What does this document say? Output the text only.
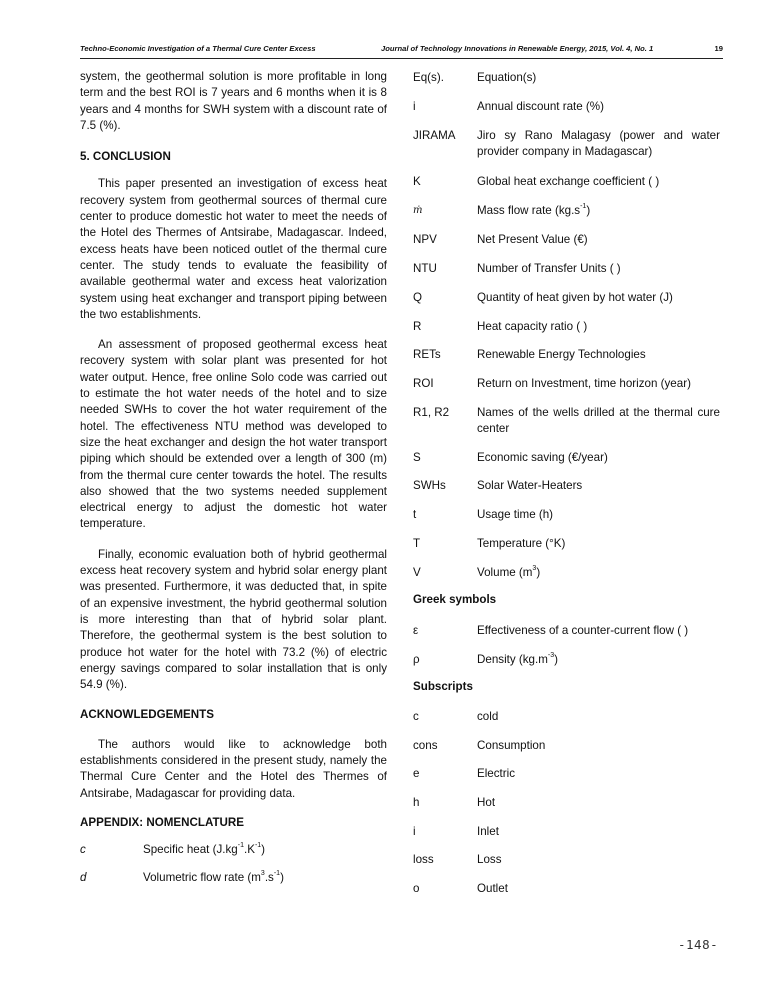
Techno-Economic Investigation of a Thermal Cure Center Excess	Journal of Technology Innovations in Renewable Energy, 2015, Vol. 4, No. 1	19

system, the geothermal solution is more profitable in long term and the best ROI is 7 years and 6 months when it is 8 years and 4 months for SWH system with a discount rate of 7.5 (%).

5. CONCLUSION

This paper presented an investigation of excess heat recovery system from geothermal sources of thermal cure center to produce domestic hot water to meet the needs of the Hotel des Thermes of Antsirabe, Madagascar. Indeed, excess heats have been noticed outlet of the thermal cure center. The study tends to evaluate the feasibility of available geothermal water and excess heat valorization system using heat exchanger and transport piping between the two establishments.

An assessment of proposed geothermal excess heat recovery system with solar plant was presented for hot water output. Hence, free online Solo code was carried out to estimate the hot water needs of the hotel and to size needed SWHs to cover the hot water requirement of the hotel. The effectiveness NTU method was developed to size the heat exchanger and design the hot water transport piping which should be extended over a length of 300 (m) from the thermal cure center towards the hotel. The results also showed that the two systems needed supplement electrical energy to adjust the domestic hot water temperature.

Finally, economic evaluation both of hybrid geothermal excess heat recovery system and hybrid solar energy plant was presented. Furthermore, it was deducted that, in spite of an expensive investment, the hybrid geothermal solution is more interesting than that of hybrid solar plant. Therefore, the geothermal system is the best solution to produce hot water for the hotel with 73.2 (%) of electric energy savings compared to solar installation that is only 54.9 (%).

ACKNOWLEDGEMENTS

The authors would like to acknowledge both establishments considered in the present study, namely the Thermal Cure Center and the Hotel des Thermes of Antsirabe, Madagascar for providing data.

APPENDIX: NOMENCLATURE
c	Specific heat $(J.kg^{-1}.K^{-1})$
d	Volumetric flow rate $(m^3.s^{-1})$
Eq(s).	Equation(s)
i	Annual discount rate (%)
JIRAMA	Jiro sy Rano Malagasy (power and water provider company in Madagascar)
K	Global heat exchange coefficient ( )
ṁ	Mass flow rate $(kg.s^{-1})$
NPV	Net Present Value (€)
NTU	Number of Transfer Units ( )
Q	Quantity of heat given by hot water (J)
R	Heat capacity ratio ( )
RETs	Renewable Energy Technologies
ROI	Return on Investment, time horizon (year)
R1, R2	Names of the wells drilled at the thermal cure center
S	Economic saving (€/year)
SWHs	Solar Water-Heaters
t	Usage time (h)
T	Temperature (°K)
V	Volume $(m^3)$
Greek symbols
ε	Effectiveness of a counter-current flow ( )
ρ	Density $(kg.m^{-3})$
Subscripts
c	cold
cons	Consumption
e	Electric
h	Hot
i	Inlet
loss	Loss
o	Outlet
-148-
